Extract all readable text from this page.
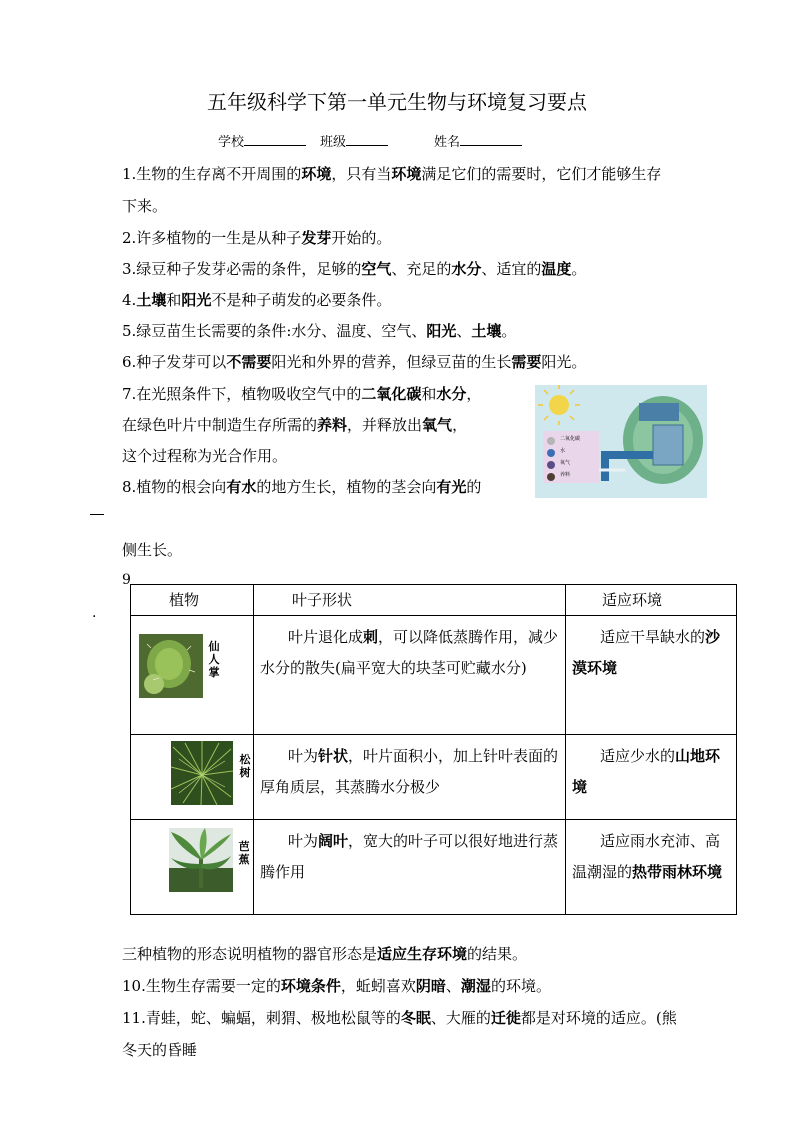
五年级科学下第一单元生物与环境复习要点
学校	班级	姓名
1.生物的生存离不开周围的环境，只有当环境满足它们的需要时，它们才能够生存
下来。
2.许多植物的一生是从种子发芽开始的。
3.绿豆种子发芽必需的条件，足够的空气、充足的水分、适宜的温度。
4.土壤和阳光不是种子萌发的必要条件。
5.绿豆苗生长需要的条件:水分、温度、空气、阳光、土壤。
6.种子发芽可以不需要阳光和外界的营养，但绿豆苗的生长需要阳光。
7.在光照条件下，植物吸收空气中的二氧化碳和水分，
在绿色叶片中制造生存所需的养料，并释放出氧气，
这个过程称为光合作用。
二氧化碳
水
氧气
养料
8.植物的根会向有水的地方生长，植物的茎会向有光的
侧生长。
9
.
植物	叶子形状	适应环境

仙人掌	叶片退化成刺，可以降低蒸腾作用，减少水分的散失(扁平宽大的块茎可贮藏水分)	适应干旱缺水的沙漠环境

松树	叶为针状，叶片面积小，加上针叶表面的厚角质层，其蒸腾水分极少	适应少水的山地环境

芭蕉	叶为阔叶，宽大的叶子可以很好地进行蒸腾作用	适应雨水充沛、高温潮湿的热带雨林环境
三种植物的形态说明植物的器官形态是适应生存环境的结果。
10.生物生存需要一定的环境条件，蚯蚓喜欢阴暗、潮湿的环境。
11.青蛙，蛇、蝙蝠，刺猬、极地松鼠等的冬眠、大雁的迁徙都是对环境的适应。(熊
冬天的昏睡
